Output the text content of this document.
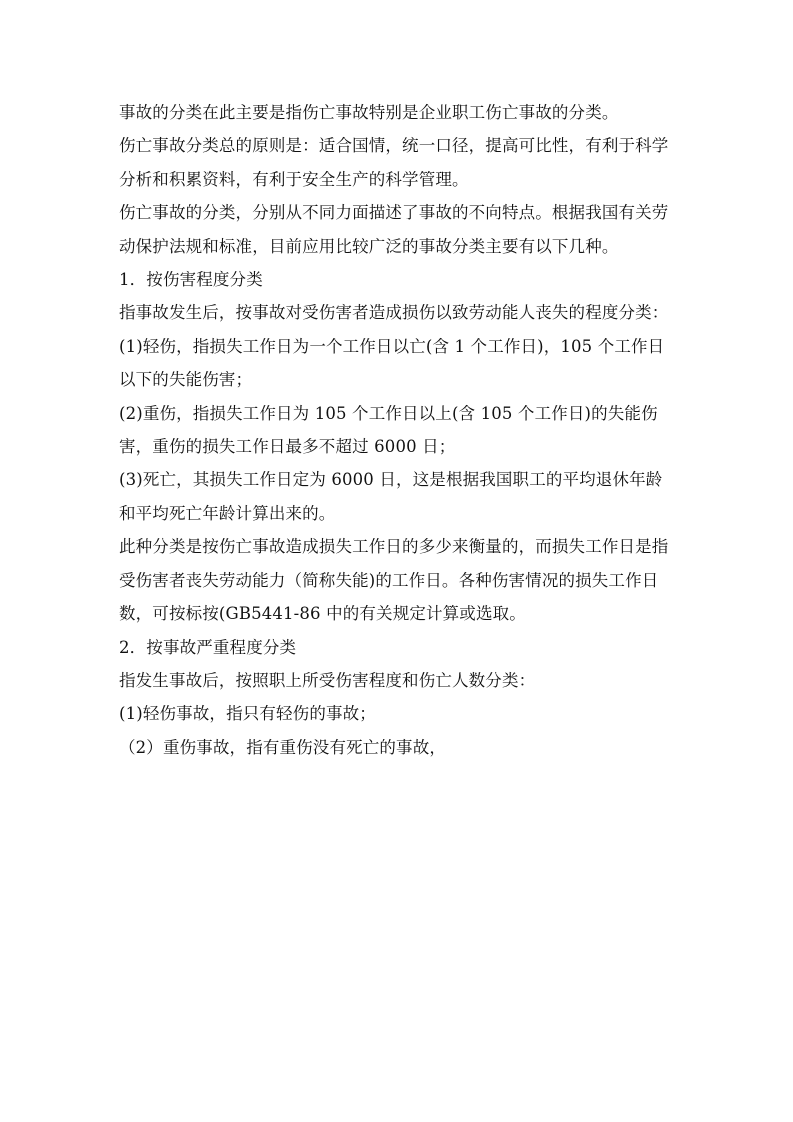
事故的分类在此主要是指伤亡事故特别是企业职工伤亡事故的分类。

伤亡事故分类总的原则是：适合国情，统一口径，提高可比性，有利于科学分析和积累资料，有利于安全生产的科学管理。

伤亡事故的分类，分别从不同力面描述了事故的不向特点。根据我国有关劳动保护法规和标准，目前应用比较广泛的事故分类主要有以下几种。

1．按伤害程度分类

指事故发生后，按事故对受伤害者造成损伤以致劳动能人丧失的程度分类：

(1)轻伤，指损失工作日为一个工作日以亡(含 1 个工作日)，105 个工作日以下的失能伤害；

(2)重伤，指损失工作日为 105 个工作日以上(含 105 个工作日)的失能伤害，重伤的损失工作日最多不超过 6000 日；

(3)死亡，其损失工作日定为 6000 日，这是根据我国职工的平均退休年龄和平均死亡年龄计算出来的。

此种分类是按伤亡事故造成损失工作日的多少来衡量的，而损失工作日是指受伤害者丧失劳动能力（简称失能)的工作日。各种伤害情况的损失工作日数，可按标按(GB5441-86 中的有关规定计算或选取。

2．按事故严重程度分类

指发生事故后，按照职上所受伤害程度和伤亡人数分类：

(1)轻伤事故，指只有轻伤的事故；

（2）重伤事故，指有重伤没有死亡的事故，
